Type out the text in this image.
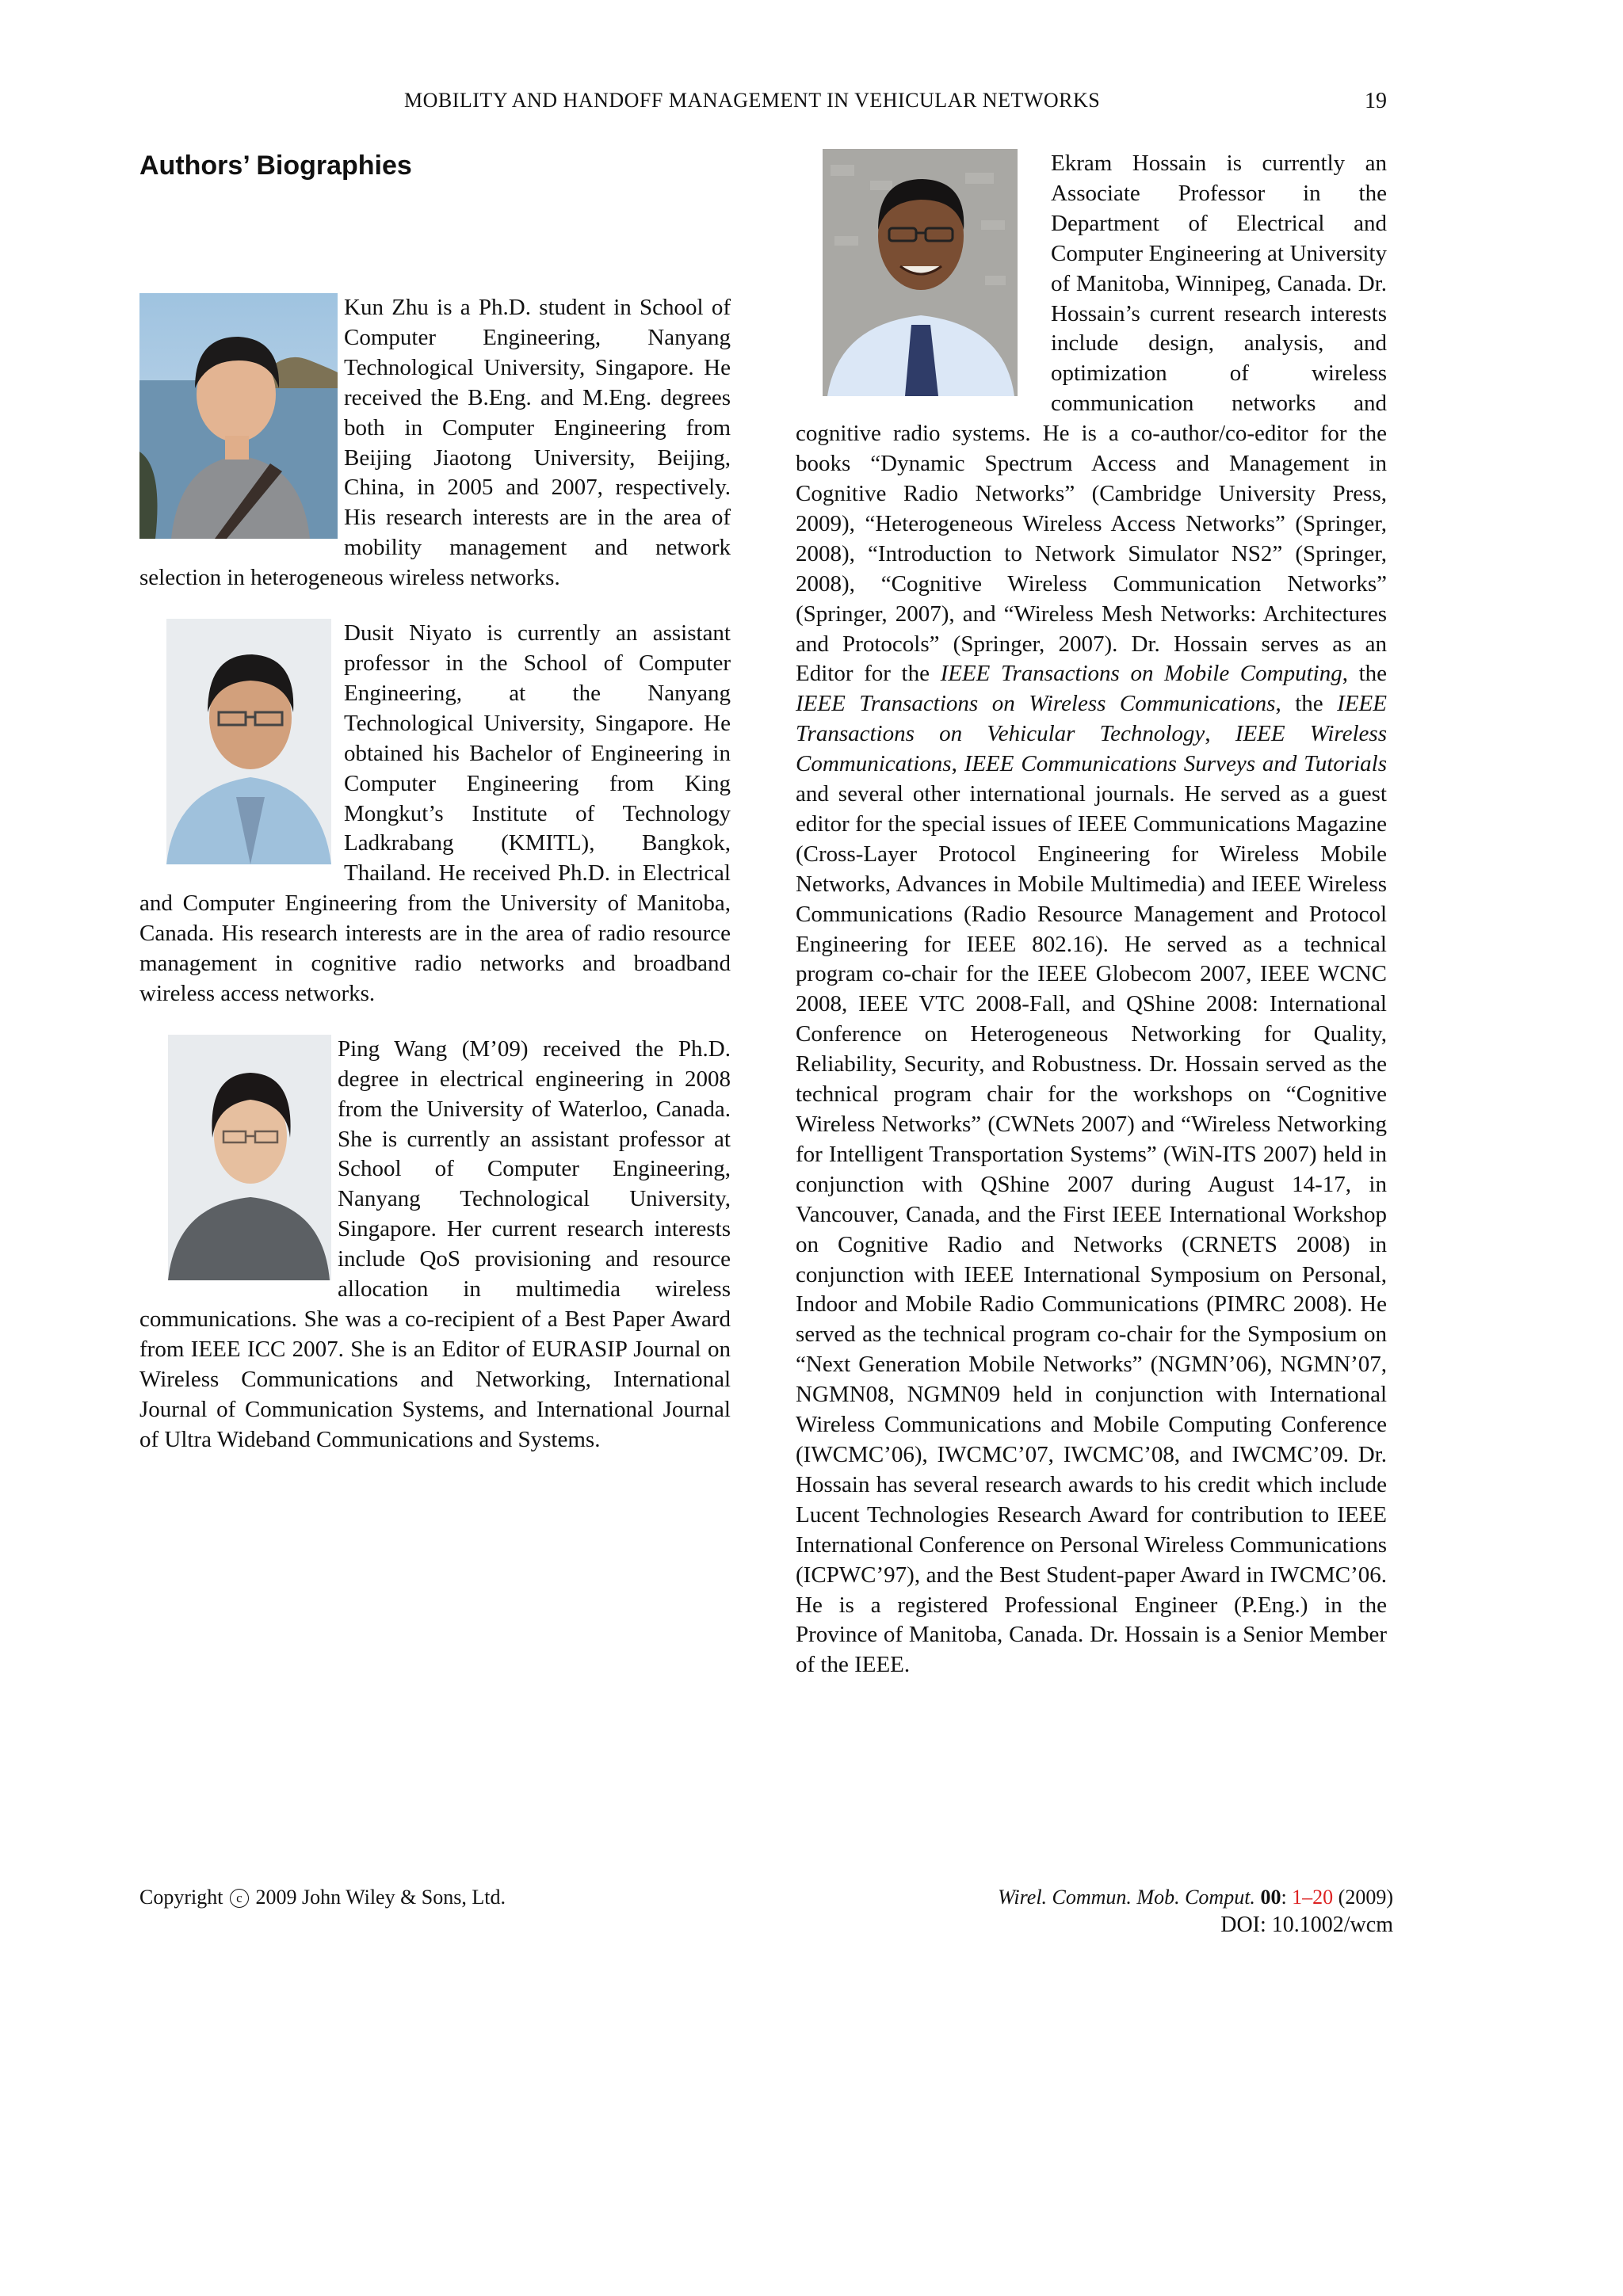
MOBILITY AND HANDOFF MANAGEMENT IN VEHICULAR NETWORKS	19
Authors’ Biographies

Kun Zhu is a Ph.D. student in School of Computer Engineering, Nanyang Technological University, Singapore. He received the B.Eng. and M.Eng. degrees both in Computer Engineering from Beijing Jiaotong University, Beijing, China, in 2005 and 2007, respectively. His research interests are in the area of mobility management and network selection in heterogeneous wireless networks.

Dusit Niyato is currently an assistant professor in the School of Computer Engineering, at the Nanyang Technological University, Singapore. He obtained his Bachelor of Engineering in Computer Engineering from King Mongkut’s Institute of Technology Ladkrabang (KMITL), Bangkok, Thailand. He received Ph.D. in Electrical and Computer Engineering from the University of Manitoba, Canada. His research interests are in the area of radio resource management in cognitive radio networks and broadband wireless access networks.

Ping Wang (M’09) received the Ph.D. degree in electrical engineering in 2008 from the University of Waterloo, Canada. She is currently an assistant professor at School of Computer Engineering, Nanyang Technological University, Singapore. Her current research interests include QoS provisioning and resource allocation in multimedia wireless communications. She was a co-recipient of a Best Paper Award from IEEE ICC 2007. She is an Editor of EURASIP Journal on Wireless Communications and Networking, International Journal of Communication Systems, and International Journal of Ultra Wideband Communications and Systems.

Ekram Hossain is currently an Associate Professor in the Department of Electrical and Computer Engineering at University of Manitoba, Winnipeg, Canada. Dr. Hossain’s current research interests include design, analysis, and optimization of wireless communication networks and cognitive radio systems. He is a co-author/co-editor for the books “Dynamic Spectrum Access and Management in Cognitive Radio Networks” (Cambridge University Press, 2009), “Heterogeneous Wireless Access Networks” (Springer, 2008), “Introduction to Network Simulator NS2” (Springer, 2008), “Cognitive Wireless Communication Networks” (Springer, 2007), and “Wireless Mesh Networks: Architectures and Protocols” (Springer, 2007). Dr. Hossain serves as an Editor for the IEEE Transactions on Mobile Computing, the IEEE Transactions on Wireless Communications, the IEEE Transactions on Vehicular Technology, IEEE Wireless Communications, IEEE Communications Surveys and Tutorials and several other international journals. He served as a guest editor for the special issues of IEEE Communications Magazine (Cross-Layer Protocol Engineering for Wireless Mobile Networks, Advances in Mobile Multimedia) and IEEE Wireless Communications (Radio Resource Management and Protocol Engineering for IEEE 802.16). He served as a technical program co-chair for the IEEE Globecom 2007, IEEE WCNC 2008, IEEE VTC 2008-Fall, and QShine 2008: International Conference on Heterogeneous Networking for Quality, Reliability, Security, and Robustness. Dr. Hossain served as the technical program chair for the workshops on “Cognitive Wireless Networks” (CWNets 2007) and “Wireless Networking for Intelligent Transportation Systems” (WiN-ITS 2007) held in conjunction with QShine 2007 during August 14-17, in Vancouver, Canada, and the First IEEE International Workshop on Cognitive Radio and Networks (CRNETS 2008) in conjunction with IEEE International Symposium on Personal, Indoor and Mobile Radio Communications (PIMRC 2008). He served as the technical program co-chair for the Symposium on “Next Generation Mobile Networks” (NGMN’06), NGMN’07, NGMN08, NGMN09 held in conjunction with International Wireless Communications and Mobile Computing Conference (IWCMC’06), IWCMC’07, IWCMC’08, and IWCMC’09. Dr. Hossain has several research awards to his credit which include Lucent Technologies Research Award for contribution to IEEE International Conference on Personal Wireless Communications (ICPWC’97), and the Best Student-paper Award in IWCMC’06. He is a registered Professional Engineer (P.Eng.) in the Province of Manitoba, Canada. Dr. Hossain is a Senior Member of the IEEE.

Copyright c 2009 John Wiley & Sons, Ltd.	Wirel. Commun. Mob. Comput. 00: 1–20 (2009)
DOI: 10.1002/wcm
